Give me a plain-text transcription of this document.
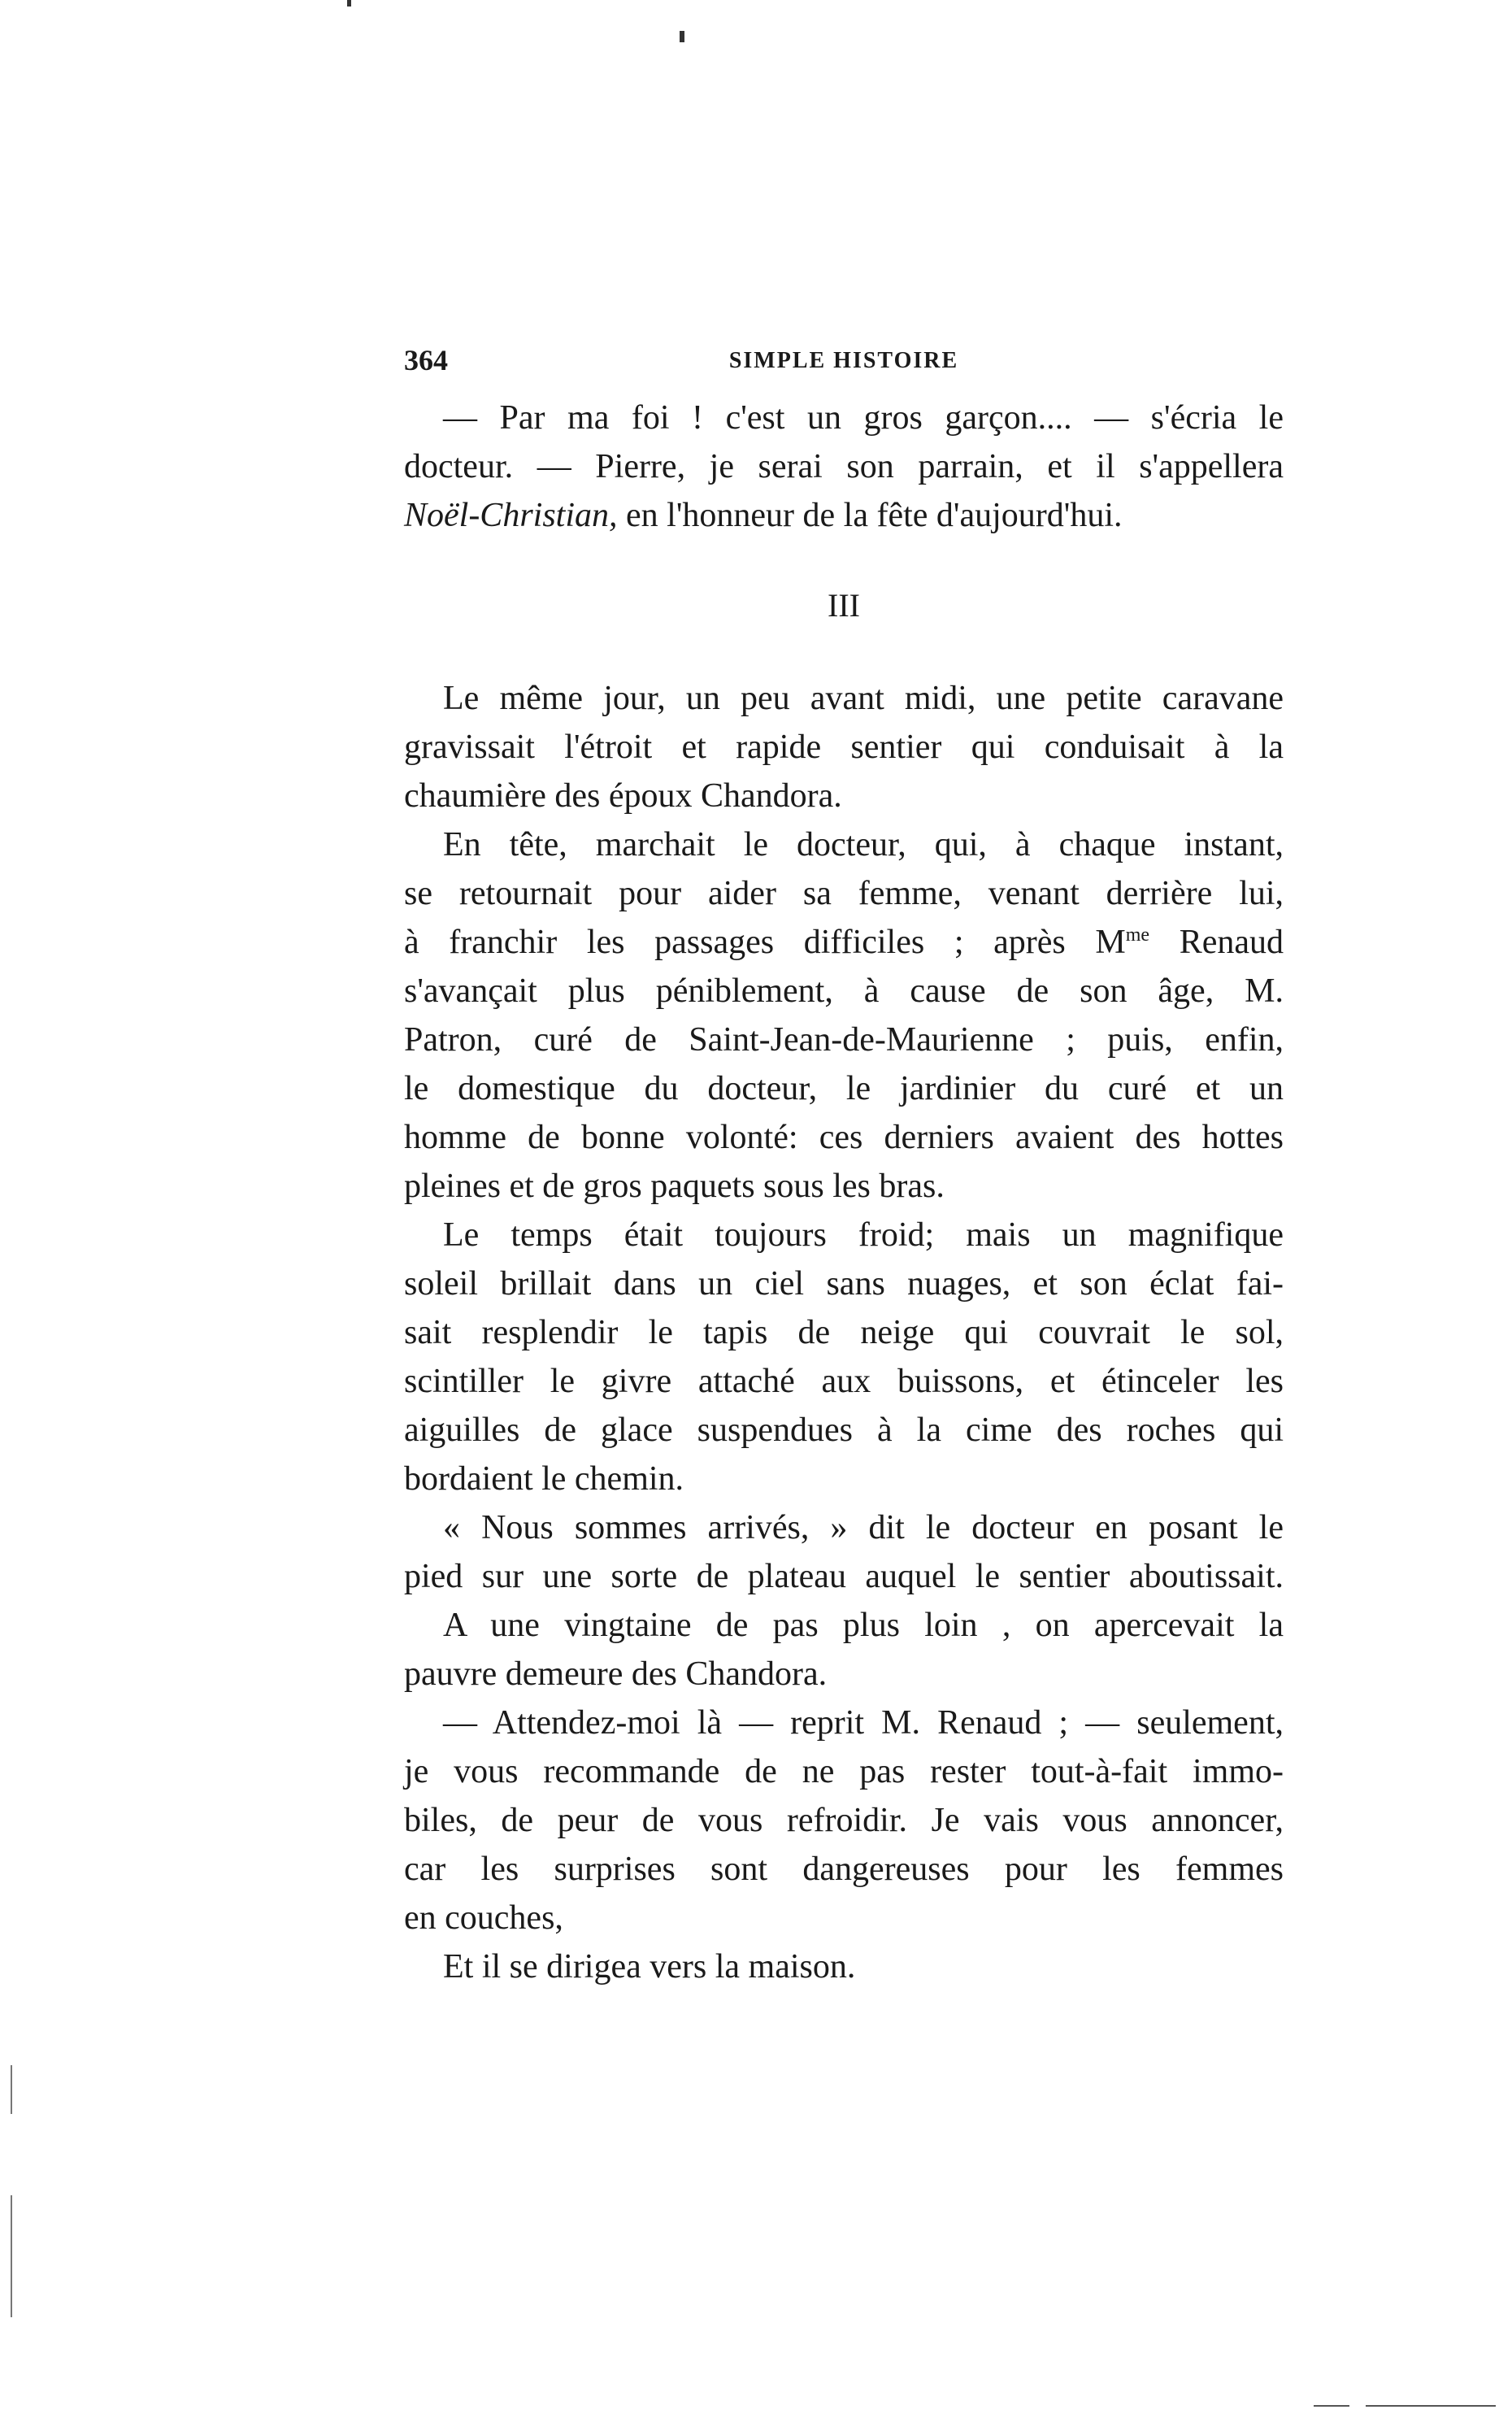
364	SIMPLE HISTOIRE
— Par ma foi ! c'est un gros garçon.... — s'écria le
docteur. — Pierre, je serai son parrain, et il s'appellera
Noël-Christian, en l'honneur de la fête d'aujourd'hui.
III
Le même jour, un peu avant midi, une petite caravane
gravissait l'étroit et rapide sentier qui conduisait à la
chaumière des époux Chandora.
En tête, marchait le docteur, qui, à chaque instant,
se retournait pour aider sa femme, venant derrière lui,
à franchir les passages difficiles ; après $M^{me}$ Renaud
s'avançait plus péniblement, à cause de son âge, M.
Patron, curé de Saint-Jean-de-Maurienne ; puis, enfin,
le domestique du docteur, le jardinier du curé et un
homme de bonne volonté: ces derniers avaient des hottes
pleines et de gros paquets sous les bras.
Le temps était toujours froid; mais un magnifique
soleil brillait dans un ciel sans nuages, et son éclat fai-
sait resplendir le tapis de neige qui couvrait le sol,
scintiller le givre attaché aux buissons, et étinceler les
aiguilles de glace suspendues à la cime des roches qui
bordaient le chemin.
« Nous sommes arrivés, » dit le docteur en posant le
pied sur une sorte de plateau auquel le sentier aboutissait.
A une vingtaine de pas plus loin , on apercevait la
pauvre demeure des Chandora.
— Attendez-moi là — reprit M. Renaud ; — seulement,
je vous recommande de ne pas rester tout-à-fait immo-
biles, de peur de vous refroidir. Je vais vous annoncer,
car les surprises sont dangereuses pour les femmes
en couches,
Et il se dirigea vers la maison.
